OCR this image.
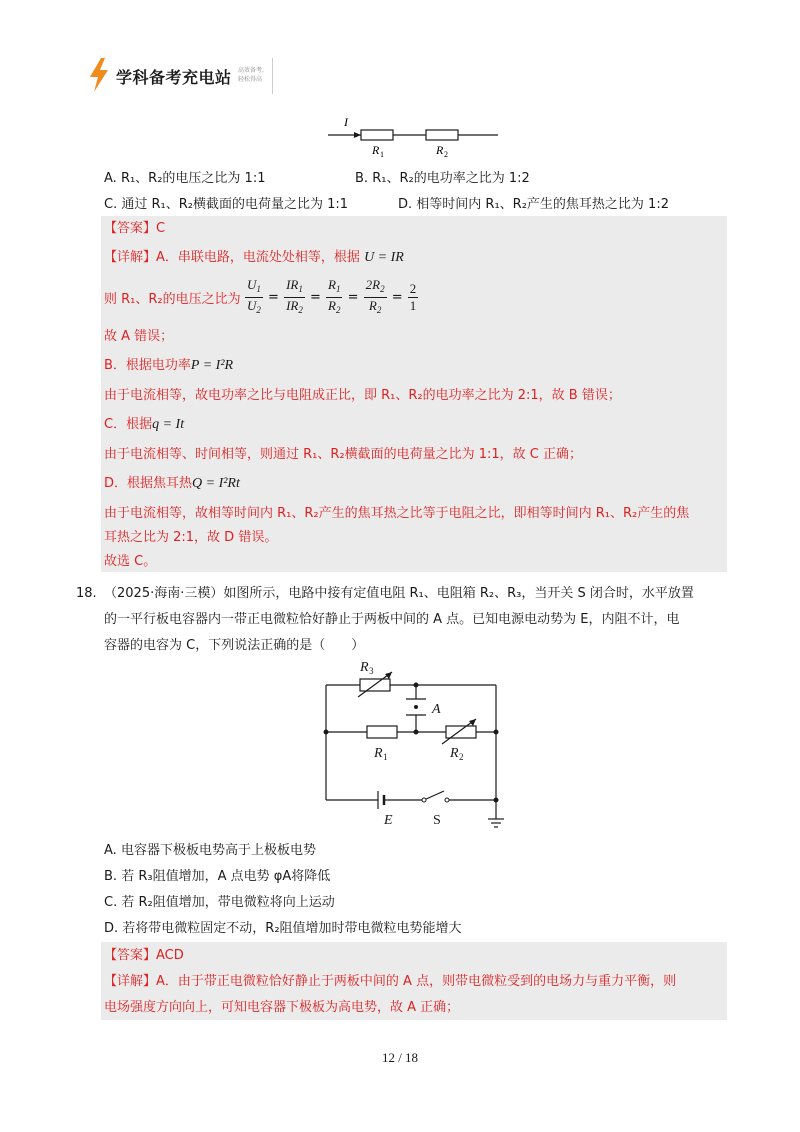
学科备考充电站 高效备考,
轻松得高
I
R 1	R 2
A. R₁、R₂的电压之比为 1:1	B. R₁、R₂的电功率之比为 1:2
C. 通过 R₁、R₂横截面的电荷量之比为 1:1	D. 相等时间内 R₁、R₂产生的焦耳热之比为 1:2
【答案】C
【详解】A．串联电路，电流处处相等，根据 U = IR
则 R₁、R₂的电压之比为 $\frac{U_1}{U_2} = \frac{IR_1}{IR_2} = \frac{R_1}{R_2} = \frac{2R_2}{R_2} = \frac{2}{1}$
故 A 错误；
B．根据电功率P = I²R
由于电流相等，故电功率之比与电阻成正比，即 R₁、R₂的电功率之比为 2:1，故 B 错误；
C．根据q = It
由于电流相等、时间相等，则通过 R₁、R₂横截面的电荷量之比为 1:1，故 C 正确；
D．根据焦耳热Q = I²Rt
由于电流相等，故相等时间内 R₁、R₂产生的焦耳热之比等于电阻之比，即相等时间内 R₁、R₂产生的焦
耳热之比为 2:1，故 D 错误。
故选 C。
18. （2025·海南·三模）如图所示，电路中接有定值电阻 R₁、电阻箱 R₂、R₃，当开关 S 闭合时，水平放置
的一平行板电容器内一带正电微粒恰好静止于两板中间的 A 点。已知电源电动势为 E，内阻不计，电
容器的电容为 C，下列说法正确的是（　　）
R 3
A
R 1	R 2
E	S
A. 电容器下极板电势高于上极板电势
B. 若 R₃阻值增加，A 点电势 φA将降低
C. 若 R₂阻值增加，带电微粒将向上运动
D. 若将带电微粒固定不动，R₂阻值增加时带电微粒电势能增大
【答案】ACD
【详解】A．由于带正电微粒恰好静止于两板中间的 A 点，则带电微粒受到的电场力与重力平衡，则
电场强度方向向上，可知电容器下极板为高电势，故 A 正确；
12 / 18
